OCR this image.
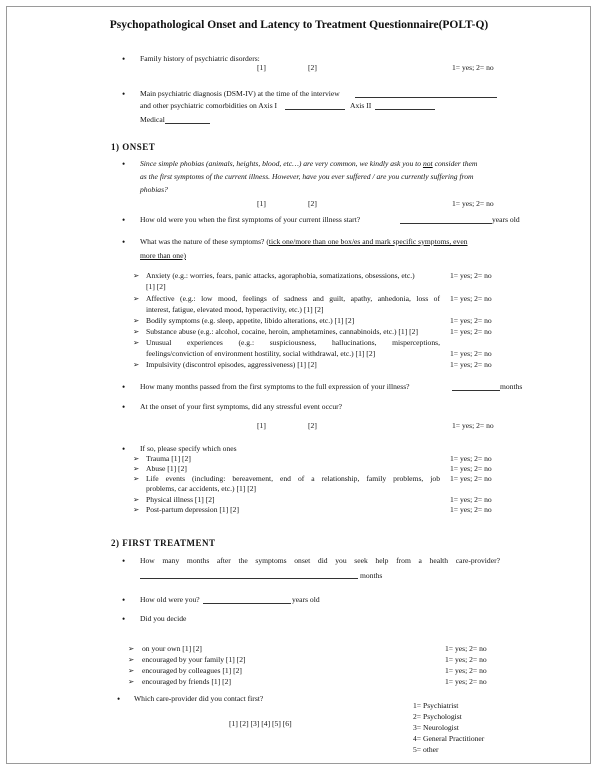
Psychopathological Onset and Latency to Treatment Questionnaire(POLT-Q)
• Family history of psychiatric disorders:
[1]	[2]	1= yes; 2= no
• Main psychiatric diagnosis (DSM-IV) at the time of the interview
and other psychiatric comorbidities on Axis I	Axis II
Medical
1) ONSET
• Since simple phobias (animals, heights, blood, etc…) are very common, we kindly ask you to not consider them
as the first symptoms of the current illness. However, have you ever suffered / are you currently suffering from
phobias?
[1]	[2]	1= yes; 2= no
• How old were you when the first symptoms of your current illness start?	years old
• What was the nature of these symptoms? (tick one/more than one box/es and mark specific symptoms, even
more than one)
➢ Anxiety (e.g.: worries, fears, panic attacks, agoraphobia, somatizations, obsessions, etc.)
[1] [2]
1= yes; 2= no
➢ Affective (e.g.: low mood, feelings of sadness and guilt, apathy, anhedonia, loss of
interest, fatigue, elevated mood, hyperactivity, etc.) [1] [2]
1= yes; 2= no
➢ Bodily symptoms (e.g. sleep, appetite, libido alterations, etc.) [1] [2]	1= yes; 2= no
➢ Substance abuse (e.g.: alcohol, cocaine, heroin, amphetamines, cannabinoids, etc.) [1] [2]	1= yes; 2= no
➢ Unusual experiences (e.g.: suspiciousness, hallucinations, misperceptions,
feelings/conviction of environment hostility, social withdrawal, etc.) [1] [2]	1= yes; 2= no
➢ Impulsivity (discontrol episodes, aggressiveness) [1] [2]	1= yes; 2= no
• How many months passed from the first symptoms to the full expression of your illness?	months
• At the onset of your first symptoms, did any stressful event occur?
[1]	[2]	1= yes; 2= no
• If so, please specify which ones
➢ Trauma [1] [2]	1= yes; 2= no
➢ Abuse [1] [2]	1= yes; 2= no
➢ Life events (including: bereavement, end of a relationship, family problems, job
problems, car accidents, etc.) [1] [2]
1= yes; 2= no
➢ Physical illness [1] [2]	1= yes; 2= no
➢ Post-partum depression [1] [2]	1= yes; 2= no
2) FIRST TREATMENT
• How many months after the symptoms onset did you seek help from a health care-provider?
months
• How old were you?	years old
• Did you decide
➢ on your own [1] [2]	1= yes; 2= no
➢ encouraged by your family [1] [2]	1= yes; 2= no
➢ encouraged by colleagues [1] [2]	1= yes; 2= no
➢ encouraged by friends [1] [2]	1= yes; 2= no
• Which care-provider did you contact first?
[1] [2] [3] [4] [5] [6]
1= Psychiatrist
2= Psychologist
3= Neurologist
4= General Practitioner
5= other
